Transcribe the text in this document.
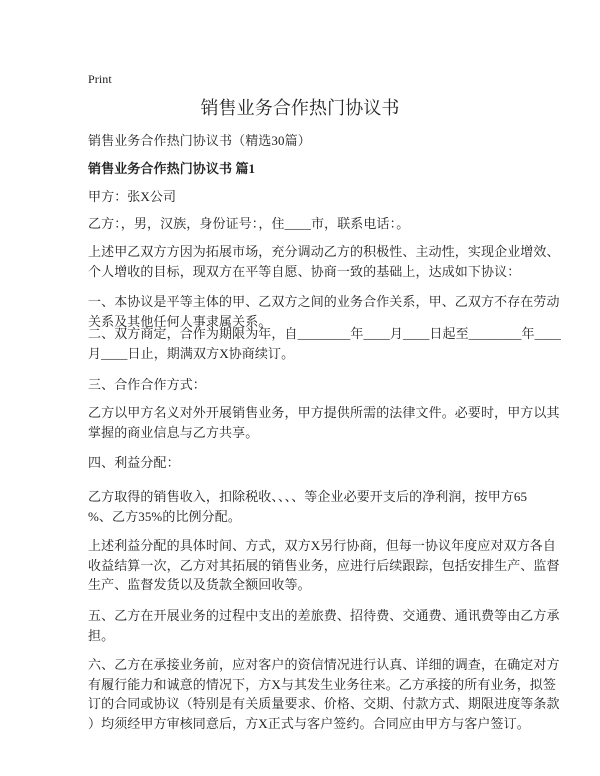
Print
销售业务合作热门协议书
销售业务合作热门协议书（精选30篇）
销售业务合作热门协议书 篇1
甲方：张X公司
乙方：，男，汉族，身份证号：，住____市，联系电话：。
上述甲乙双方方因为拓展市场，充分调动乙方的积极性、主动性，实现企业增效、
个人增收的目标，现双方在平等自愿、协商一致的基础上，达成如下协议：
一、本协议是平等主体的甲、乙双方之间的业务合作关系，甲、乙双方不存在劳动
关系及其他任何人事隶属关系。
二、双方商定，合作为期限为年，自________年____月____日起至________年____
月____日止，期满双方X协商续订。
三、合作合作方式：
乙方以甲方名义对外开展销售业务，甲方提供所需的法律文件。必要时，甲方以其
掌握的商业信息与乙方共享。
四、利益分配：
乙方取得的销售收入，扣除税收、、、、等企业必要开支后的净利润，按甲方65
%、乙方35%的比例分配。
上述利益分配的具体时间、方式，双方X另行协商，但每一协议年度应对双方各自
收益结算一次，乙方对其拓展的销售业务，应进行后续跟踪，包括安排生产、监督
生产、监督发货以及货款全额回收等。
五、乙方在开展业务的过程中支出的差旅费、招待费、交通费、通讯费等由乙方承
担。
六、乙方在承接业务前，应对客户的资信情况进行认真、详细的调查，在确定对方
有履行能力和诚意的情况下，方X与其发生业务往来。乙方承接的所有业务，拟签
订的合同或协议（特别是有关质量要求、价格、交期、付款方式、期限进度等条款
）均须经甲方审核同意后，方X正式与客户签约。合同应由甲方与客户签订。
